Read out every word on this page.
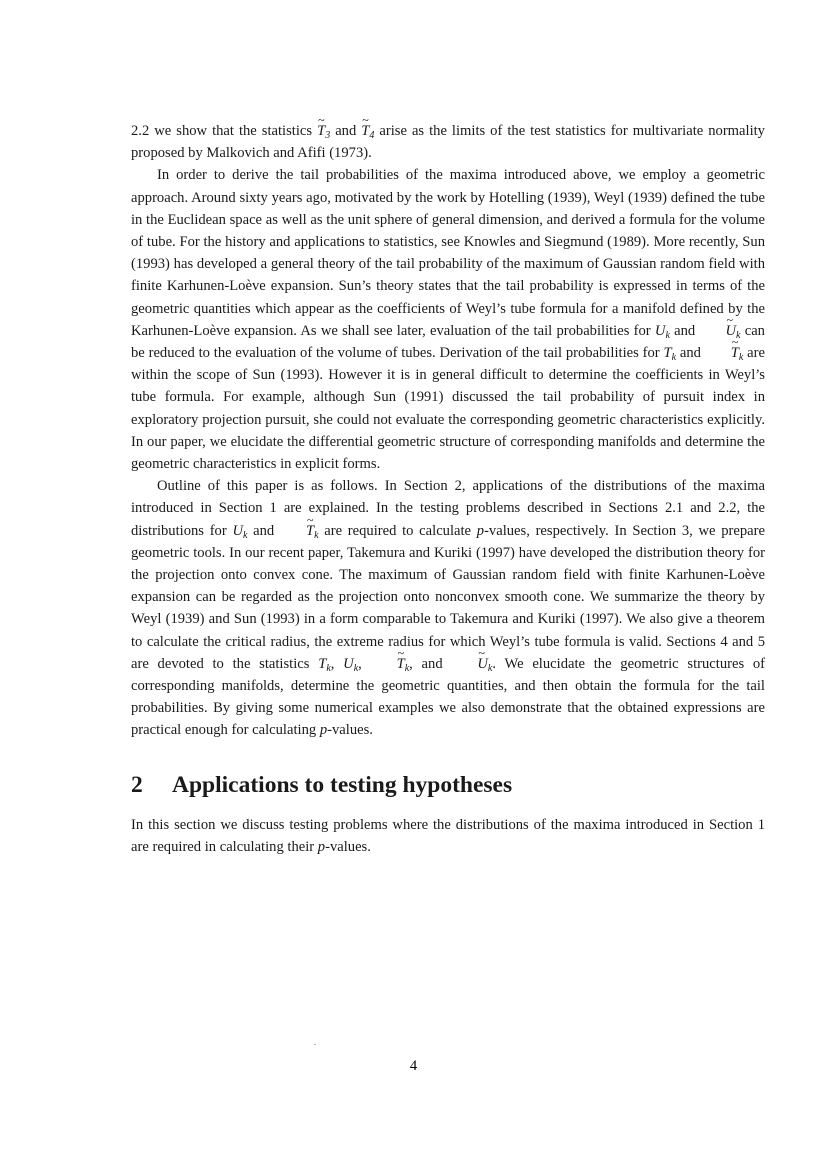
2.2 we show that the statistics ~ $T_3$ and ~ $T_4$ arise as the limits of the test statistics for multivariate normality proposed by Malkovich and Afifi (1973).

In order to derive the tail probabilities of the maxima introduced above, we employ a geometric approach. Around sixty years ago, motivated by the work by Hotelling (1939), Weyl (1939) defined the tube in the Euclidean space as well as the unit sphere of general dimension, and derived a formula for the volume of tube. For the history and applications to statistics, see Knowles and Siegmund (1989). More recently, Sun (1993) has developed a general theory of the tail probability of the maximum of Gaussian random field with finite Karhunen-Loève expansion. Sun’s theory states that the tail probability is expressed in terms of the geometric quantities which appear as the coefficients of Weyl’s tube formula for a manifold defined by the Karhunen-Loève expansion. As we shall see later, evaluation of the tail probabilities for $U_k$ and ~ $U_k$ can be reduced to the evaluation of the volume of tubes. Derivation of the tail probabilities for $T_k$ and ~ $T_k$ are within the scope of Sun (1993). However it is in general difficult to determine the coefficients in Weyl’s tube formula. For example, although Sun (1991) discussed the tail probability of pursuit index in exploratory projection pursuit, she could not evaluate the corresponding geometric characteristics explicitly. In our paper, we elucidate the differential geometric structure of corresponding manifolds and determine the geometric characteristics in explicit forms.

Outline of this paper is as follows. In Section 2, applications of the distributions of the maxima introduced in Section 1 are explained. In the testing problems described in Sections 2.1 and 2.2, the distributions for $U_k$ and ~ $T_k$ are required to calculate p-values, respectively. In Section 3, we prepare geometric tools. In our recent paper, Takemura and Kuriki (1997) have developed the distribution theory for the projection onto convex cone. The maximum of Gaussian random field with finite Karhunen-Loève expansion can be regarded as the projection onto nonconvex smooth cone. We summarize the theory by Weyl (1939) and Sun (1993) in a form comparable to Takemura and Kuriki (1997). We also give a theorem to calculate the critical radius, the extreme radius for which Weyl’s tube formula is valid. Sections 4 and 5 are devoted to the statistics $T_k$, $U_k$, ~ $T_k$, and ~ $U_k$. We elucidate the geometric structures of corresponding manifolds, determine the geometric quantities, and then obtain the formula for the tail probabilities. By giving some numerical examples we also demonstrate that the obtained expressions are practical enough for calculating p-values.

2 Applications to testing hypotheses

In this section we discuss testing problems where the distributions of the maxima introduced in Section 1 are required in calculating their p-values.

4
